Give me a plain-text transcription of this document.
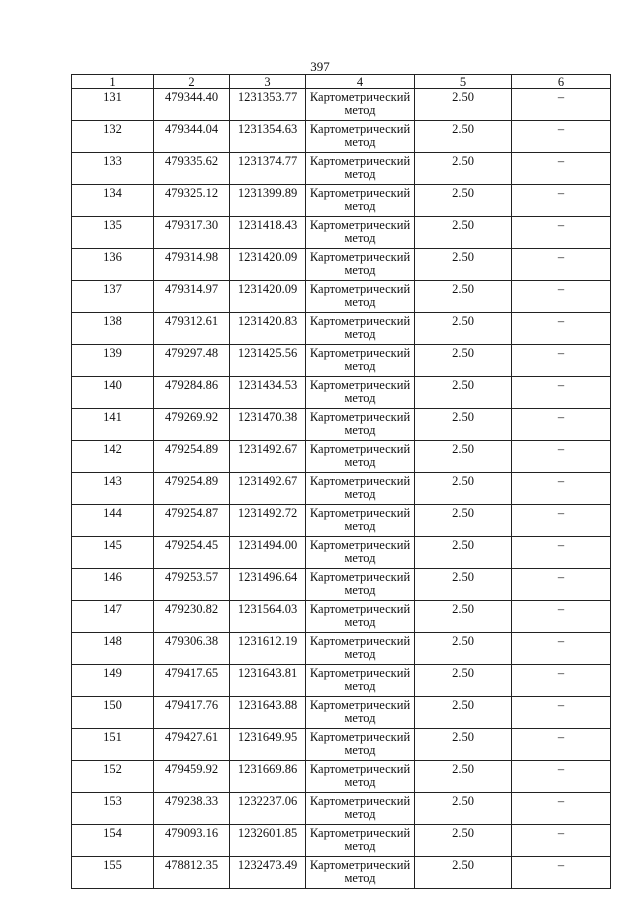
397
1	2	3	4	5	6
131	479344.40	1231353.77	Картометрический метод	2.50	–
132	479344.04	1231354.63	Картометрический метод	2.50	–
133	479335.62	1231374.77	Картометрический метод	2.50	–
134	479325.12	1231399.89	Картометрический метод	2.50	–
135	479317.30	1231418.43	Картометрический метод	2.50	–
136	479314.98	1231420.09	Картометрический метод	2.50	–
137	479314.97	1231420.09	Картометрический метод	2.50	–
138	479312.61	1231420.83	Картометрический метод	2.50	–
139	479297.48	1231425.56	Картометрический метод	2.50	–
140	479284.86	1231434.53	Картометрический метод	2.50	–
141	479269.92	1231470.38	Картометрический метод	2.50	–
142	479254.89	1231492.67	Картометрический метод	2.50	–
143	479254.89	1231492.67	Картометрический метод	2.50	–
144	479254.87	1231492.72	Картометрический метод	2.50	–
145	479254.45	1231494.00	Картометрический метод	2.50	–
146	479253.57	1231496.64	Картометрический метод	2.50	–
147	479230.82	1231564.03	Картометрический метод	2.50	–
148	479306.38	1231612.19	Картометрический метод	2.50	–
149	479417.65	1231643.81	Картометрический метод	2.50	–
150	479417.76	1231643.88	Картометрический метод	2.50	–
151	479427.61	1231649.95	Картометрический метод	2.50	–
152	479459.92	1231669.86	Картометрический метод	2.50	–
153	479238.33	1232237.06	Картометрический метод	2.50	–
154	479093.16	1232601.85	Картометрический метод	2.50	–
155	478812.35	1232473.49	Картометрический метод	2.50	–
